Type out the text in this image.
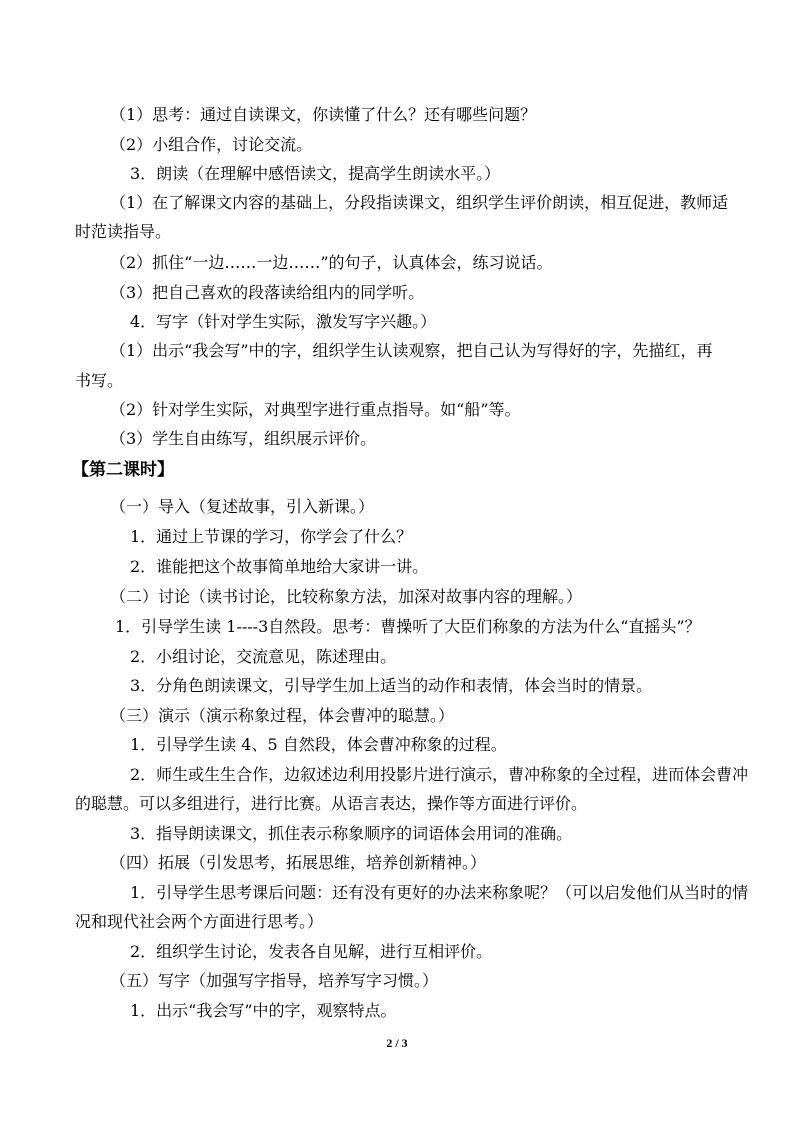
（1）思考：通过自读课文，你读懂了什么？还有哪些问题？
（2）小组合作，讨论交流。
3．朗读（在理解中感悟读文，提高学生朗读水平。）
（1）在了解课文内容的基础上，分段指读课文，组织学生评价朗读，相互促进，教师适
时范读指导。
（2）抓住“一边……一边……”的句子，认真体会，练习说话。
（3）把自己喜欢的段落读给组内的同学听。
4．写字（针对学生实际，激发写字兴趣。）
（1）出示“我会写”中的字，组织学生认读观察，把自己认为写得好的字，先描红，再
书写。
（2）针对学生实际，对典型字进行重点指导。如“船”等。
（3）学生自由练写，组织展示评价。
【第二课时】
（一）导入（复述故事，引入新课。）
1．通过上节课的学习，你学会了什么？
2．谁能把这个故事简单地给大家讲一讲。
（二）讨论（读书讨论，比较称象方法，加深对故事内容的理解。）
1．引导学生读 1----3自然段。思考：曹操听了大臣们称象的方法为什么“直摇头”？
2．小组讨论，交流意见，陈述理由。
3．分角色朗读课文，引导学生加上适当的动作和表情，体会当时的情景。
（三）演示（演示称象过程，体会曹冲的聪慧。）
1．引导学生读 4、5 自然段，体会曹冲称象的过程。
2．师生或生生合作，边叙述边利用投影片进行演示，曹冲称象的全过程，进而体会曹冲
的聪慧。可以多组进行，进行比赛。从语言表达，操作等方面进行评价。
3．指导朗读课文，抓住表示称象顺序的词语体会用词的准确。
（四）拓展（引发思考，拓展思维，培养创新精神。）
1．引导学生思考课后问题：还有没有更好的办法来称象呢？（可以启发他们从当时的情
况和现代社会两个方面进行思考。）
2．组织学生讨论，发表各自见解，进行互相评价。
（五）写字（加强写字指导，培养写字习惯。）
1．出示“我会写”中的字，观察特点。
2 / 3
